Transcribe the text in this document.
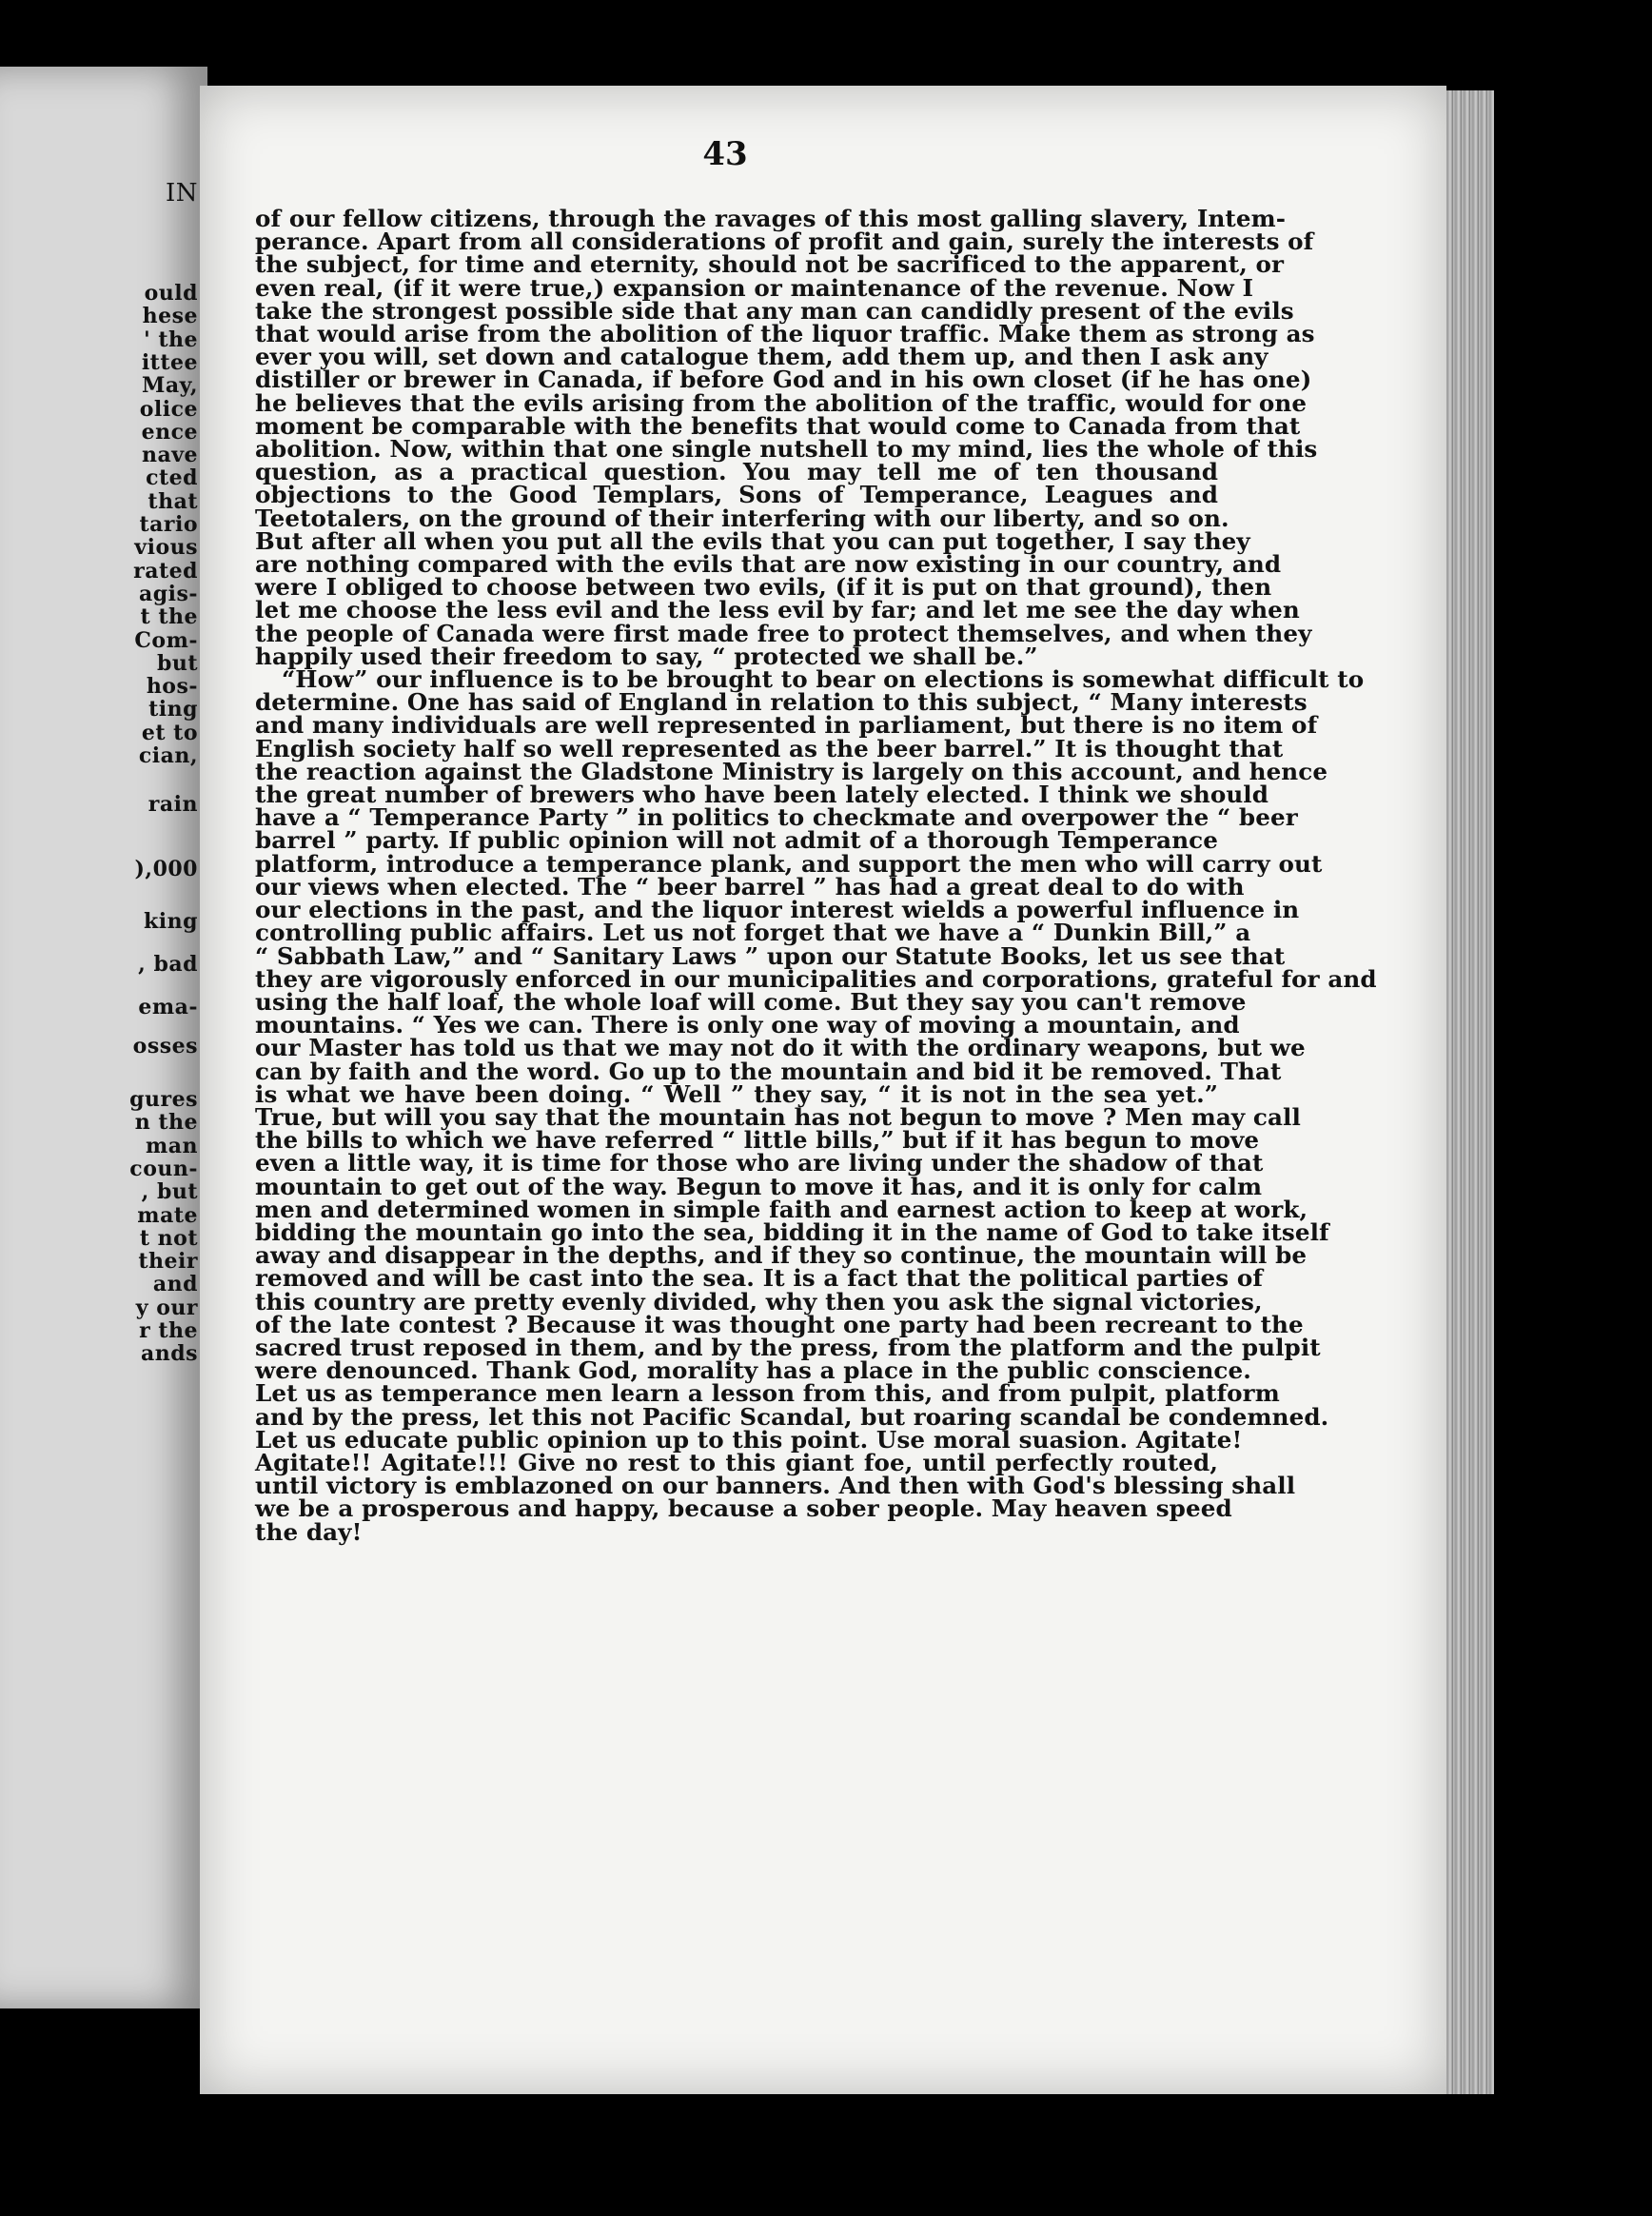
IN
ould
hese
' the
ittee
May,
olice
ence
nave
cted
that
tario
vious
rated
agis-
t the
Com-
but
hos-
ting
et to
cian,
rain
),000
king
, bad
ema-
osses
gures
n the
man
coun-
, but
mate
t not
their
and
y our
r the
ands
43
of our fellow citizens, through the ravages of this most galling slavery, Intem-
perance. Apart from all considerations of profit and gain, surely the interests of
the subject, for time and eternity, should not be sacrificed to the apparent, or
even real, (if it were true,) expansion or maintenance of the revenue. Now I
take the strongest possible side that any man can candidly present of the evils
that would arise from the abolition of the liquor traffic. Make them as strong as
ever you will, set down and catalogue them, add them up, and then I ask any
distiller or brewer in Canada, if before God and in his own closet (if he has one)
he believes that the evils arising from the abolition of the traffic, would for one
moment be comparable with the benefits that would come to Canada from that
abolition. Now, within that one single nutshell to my mind, lies the whole of this
question, as a practical question. You may tell me of ten thousand
objections to the Good Templars, Sons of Temperance, Leagues and
Teetotalers, on the ground of their interfering with our liberty, and so on.
But after all when you put all the evils that you can put together, I say they
are nothing compared with the evils that are now existing in our country, and
were I obliged to choose between two evils, (if it is put on that ground), then
let me choose the less evil and the less evil by far; and let me see the day when
the people of Canada were first made free to protect themselves, and when they
happily used their freedom to say, “ protected we shall be.”
“How” our influence is to be brought to bear on elections is somewhat difficult to
determine. One has said of England in relation to this subject, “ Many interests
and many individuals are well represented in parliament, but there is no item of
English society half so well represented as the beer barrel.” It is thought that
the reaction against the Gladstone Ministry is largely on this account, and hence
the great number of brewers who have been lately elected. I think we should
have a “ Temperance Party ” in politics to checkmate and overpower the “ beer
barrel ” party. If public opinion will not admit of a thorough Temperance
platform, introduce a temperance plank, and support the men who will carry out
our views when elected. The “ beer barrel ” has had a great deal to do with
our elections in the past, and the liquor interest wields a powerful influence in
controlling public affairs. Let us not forget that we have a “ Dunkin Bill,” a
“ Sabbath Law,” and “ Sanitary Laws ” upon our Statute Books, let us see that
they are vigorously enforced in our municipalities and corporations, grateful for and
using the half loaf, the whole loaf will come. But they say you can't remove
mountains. “ Yes we can. There is only one way of moving a mountain, and
our Master has told us that we may not do it with the ordinary weapons, but we
can by faith and the word. Go up to the mountain and bid it be removed. That
is what we have been doing. “ Well ” they say, “ it is not in the sea yet.”
True, but will you say that the mountain has not begun to move ? Men may call
the bills to which we have referred “ little bills,” but if it has begun to move
even a little way, it is time for those who are living under the shadow of that
mountain to get out of the way. Begun to move it has, and it is only for calm
men and determined women in simple faith and earnest action to keep at work,
bidding the mountain go into the sea, bidding it in the name of God to take itself
away and disappear in the depths, and if they so continue, the mountain will be
removed and will be cast into the sea. It is a fact that the political parties of
this country are pretty evenly divided, why then you ask the signal victories,
of the late contest ? Because it was thought one party had been recreant to the
sacred trust reposed in them, and by the press, from the platform and the pulpit
were denounced. Thank God, morality has a place in the public conscience.
Let us as temperance men learn a lesson from this, and from pulpit, platform
and by the press, let this not Pacific Scandal, but roaring scandal be condemned.
Let us educate public opinion up to this point. Use moral suasion. Agitate!
Agitate!! Agitate!!! Give no rest to this giant foe, until perfectly routed,
until victory is emblazoned on our banners. And then with God's blessing shall
we be a prosperous and happy, because a sober people. May heaven speed
the day!
